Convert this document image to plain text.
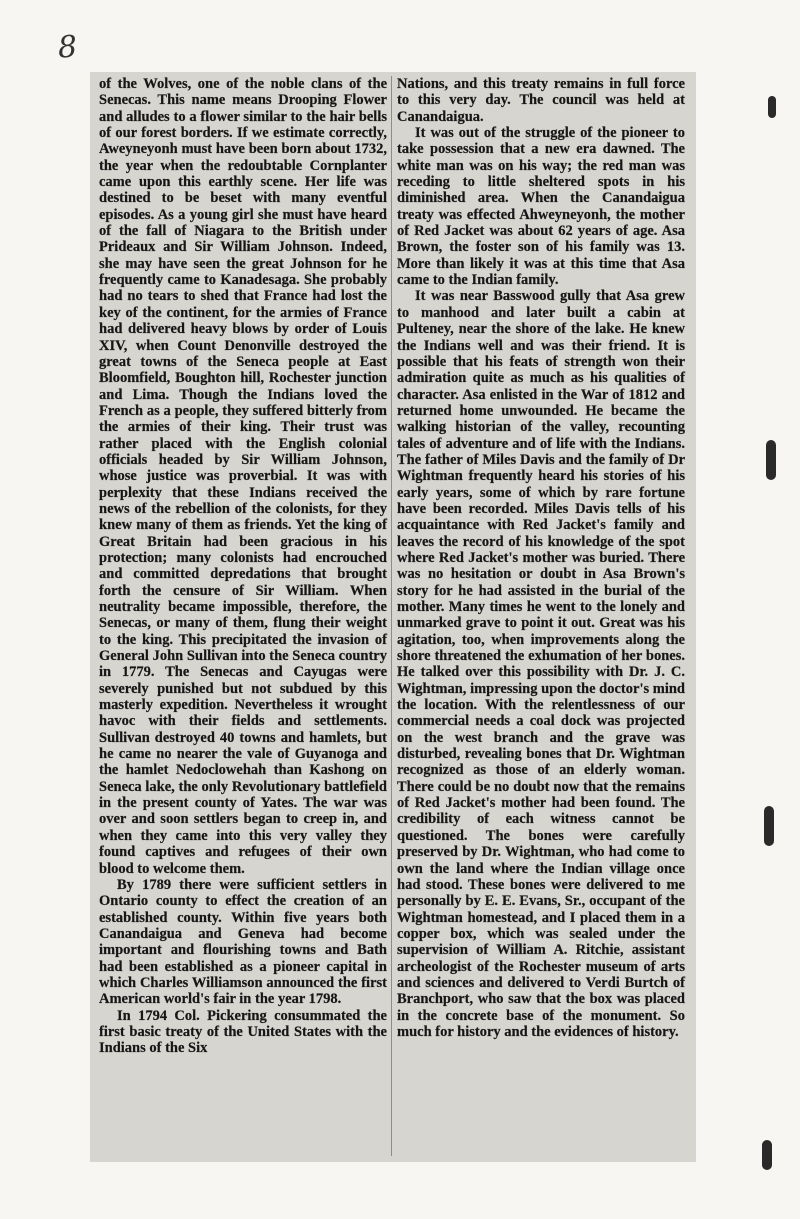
8

of the Wolves, one of the noble clans of the Senecas. This name means Drooping Flower and alludes to a flower similar to the hair bells of our forest borders. If we estimate correctly, Aweyneyonh must have been born about 1732, the year when the redoubtable Cornplanter came upon this earthly scene. Her life was destined to be beset with many eventful episodes. As a young girl she must have heard of the fall of Niagara to the British under Prideaux and Sir William Johnson. Indeed, she may have seen the great Johnson for he frequently came to Kanadesaga. She probably had no tears to shed that France had lost the key of the continent, for the armies of France had delivered heavy blows by order of Louis XIV, when Count Denonville destroyed the great towns of the Seneca people at East Bloomfield, Boughton hill, Rochester junction and Lima. Though the Indians loved the French as a people, they suffered bitterly from the armies of their king. Their trust was rather placed with the English colonial officials headed by Sir William Johnson, whose justice was proverbial. It was with perplexity that these Indians received the news of the rebellion of the colonists, for they knew many of them as friends. Yet the king of Great Britain had been gracious in his protection; many colonists had encrouched and committed depredations that brought forth the censure of Sir William. When neutrality became impossible, therefore, the Senecas, or many of them, flung their weight to the king. This precipitated the invasion of General John Sullivan into the Seneca country in 1779. The Senecas and Cayugas were severely punished but not subdued by this masterly expedition. Nevertheless it wrought havoc with their fields and settlements. Sullivan destroyed 40 towns and hamlets, but he came no nearer the vale of Guyanoga and the hamlet Nedoclowehah than Kashong on Seneca lake, the only Revolutionary battlefield in the present county of Yates. The war was over and soon settlers began to creep in, and when they came into this very valley they found captives and refugees of their own blood to welcome them.

By 1789 there were sufficient settlers in Ontario county to effect the creation of an established county. Within five years both Canandaigua and Geneva had become important and flourishing towns and Bath had been established as a pioneer capital in which Charles Williamson announced the first American world's fair in the year 1798.

In 1794 Col. Pickering consummated the first basic treaty of the United States with the Indians of the Six

Nations, and this treaty remains in full force to this very day. The council was held at Canandaigua.

It was out of the struggle of the pioneer to take possession that a new era dawned. The white man was on his way; the red man was receding to little sheltered spots in his diminished area. When the Canandaigua treaty was effected Ahweyneyonh, the mother of Red Jacket was about 62 years of age. Asa Brown, the foster son of his family was 13. More than likely it was at this time that Asa came to the Indian family.

It was near Basswood gully that Asa grew to manhood and later built a cabin at Pulteney, near the shore of the lake. He knew the Indians well and was their friend. It is possible that his feats of strength won their admiration quite as much as his qualities of character. Asa enlisted in the War of 1812 and returned home unwounded. He became the walking historian of the valley, recounting tales of adventure and of life with the Indians. The father of Miles Davis and the family of Dr Wightman frequently heard his stories of his early years, some of which by rare fortune have been recorded. Miles Davis tells of his acquaintance with Red Jacket's family and leaves the record of his knowledge of the spot where Red Jacket's mother was buried. There was no hesitation or doubt in Asa Brown's story for he had assisted in the burial of the mother. Many times he went to the lonely and unmarked grave to point it out. Great was his agitation, too, when improvements along the shore threatened the exhumation of her bones. He talked over this possibility with Dr. J. C. Wightman, impressing upon the doctor's mind the location. With the relentlessness of our commercial needs a coal dock was projected on the west branch and the grave was disturbed, revealing bones that Dr. Wightman recognized as those of an elderly woman. There could be no doubt now that the remains of Red Jacket's mother had been found. The credibility of each witness cannot be questioned. The bones were carefully preserved by Dr. Wightman, who had come to own the land where the Indian village once had stood. These bones were delivered to me personally by E. E. Evans, Sr., occupant of the Wightman homestead, and I placed them in a copper box, which was sealed under the supervision of William A. Ritchie, assistant archeologist of the Rochester museum of arts and sciences and delivered to Verdi Burtch of Branchport, who saw that the box was placed in the concrete base of the monument. So much for history and the evidences of history.
